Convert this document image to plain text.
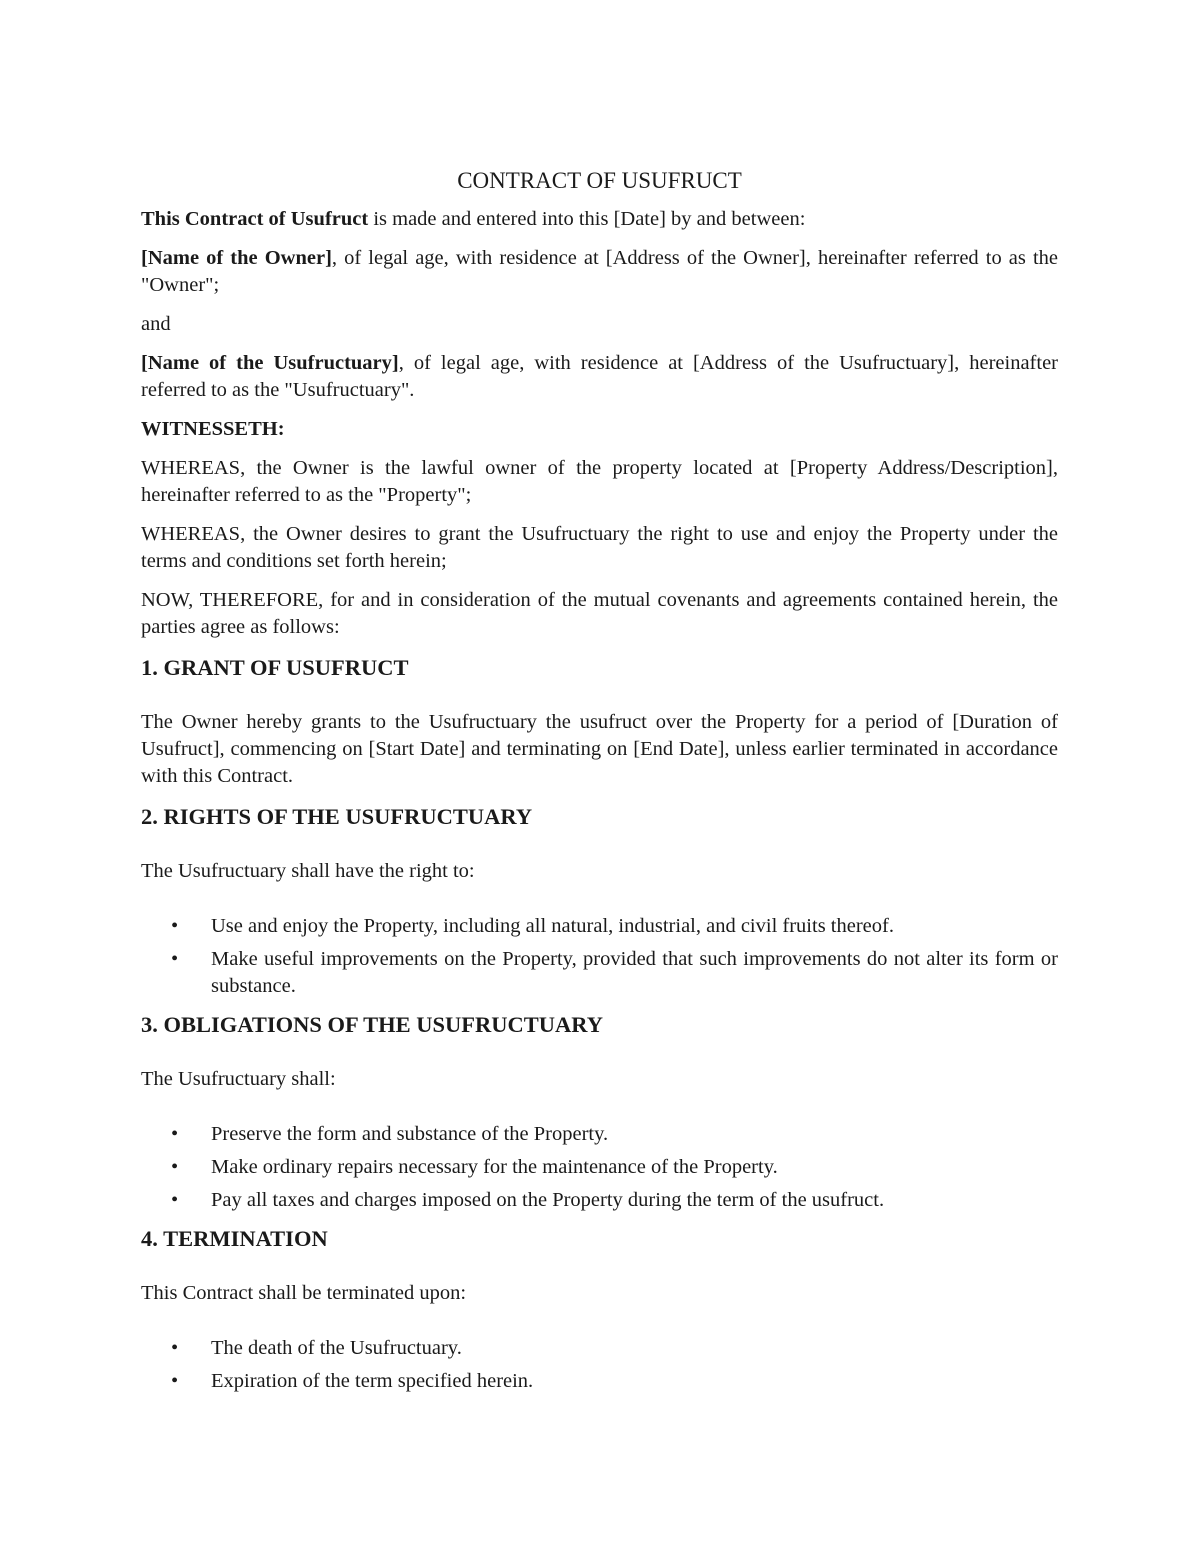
CONTRACT OF USUFRUCT

This Contract of Usufruct is made and entered into this [Date] by and between:

[Name of the Owner], of legal age, with residence at [Address of the Owner], hereinafter referred to as the "Owner";

and

[Name of the Usufructuary], of legal age, with residence at [Address of the Usufructuary], hereinafter referred to as the "Usufructuary".

WITNESSETH:

WHEREAS, the Owner is the lawful owner of the property located at [Property Address/Description], hereinafter referred to as the "Property";

WHEREAS, the Owner desires to grant the Usufructuary the right to use and enjoy the Property under the terms and conditions set forth herein;

NOW, THEREFORE, for and in consideration of the mutual covenants and agreements contained herein, the parties agree as follows:

1. GRANT OF USUFRUCT

The Owner hereby grants to the Usufructuary the usufruct over the Property for a period of [Duration of Usufruct], commencing on [Start Date] and terminating on [End Date], unless earlier terminated in accordance with this Contract.

2. RIGHTS OF THE USUFRUCTUARY

The Usufructuary shall have the right to:

• Use and enjoy the Property, including all natural, industrial, and civil fruits thereof.
• Make useful improvements on the Property, provided that such improvements do not alter its form or substance.
3. OBLIGATIONS OF THE USUFRUCTUARY

The Usufructuary shall:

• Preserve the form and substance of the Property.
• Make ordinary repairs necessary for the maintenance of the Property.
• Pay all taxes and charges imposed on the Property during the term of the usufruct.
4. TERMINATION

This Contract shall be terminated upon:

• The death of the Usufructuary.
• Expiration of the term specified herein.
